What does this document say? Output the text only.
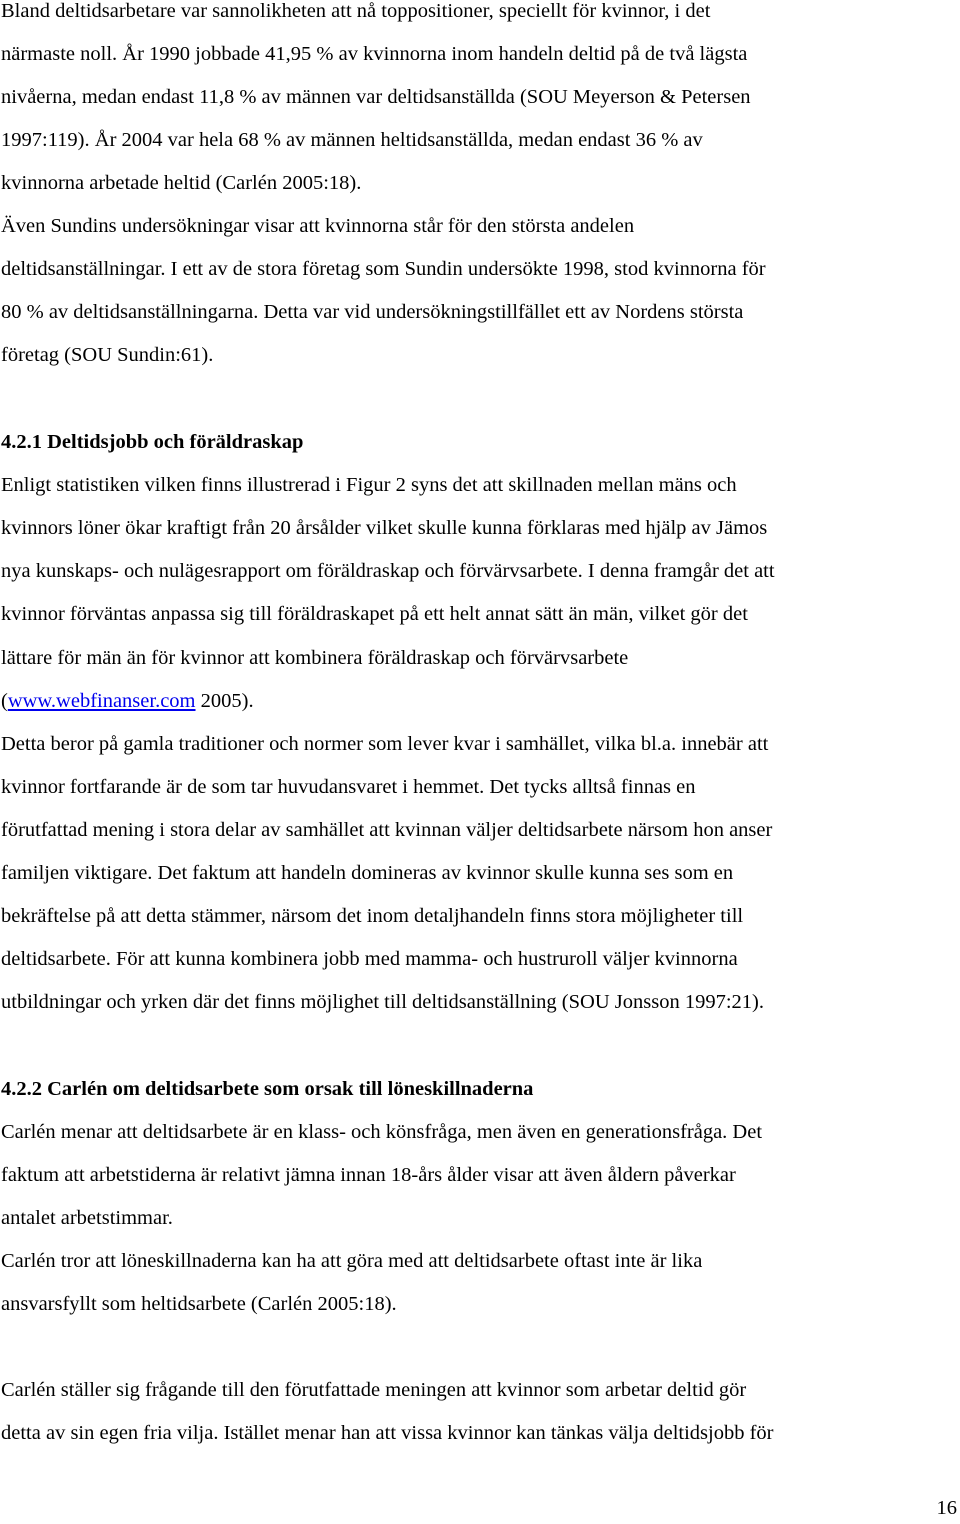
Bland deltidsarbetare var sannolikheten att nå toppositioner, speciellt för kvinnor, i det
närmaste noll. År 1990 jobbade 41,95 % av kvinnorna inom handeln deltid på de två lägsta
nivåerna, medan endast 11,8 % av männen var deltidsanställda (SOU Meyerson & Petersen
1997:119). År 2004 var hela 68 % av männen heltidsanställda, medan endast 36 % av
kvinnorna arbetade heltid (Carlén 2005:18).
Även Sundins undersökningar visar att kvinnorna står för den största andelen
deltidsanställningar. I ett av de stora företag som Sundin undersökte 1998, stod kvinnorna för
80 % av deltidsanställningarna. Detta var vid undersökningstillfället ett av Nordens största
företag (SOU Sundin:61).
4.2.1 Deltidsjobb och föräldraskap
Enligt statistiken vilken finns illustrerad i Figur 2 syns det att skillnaden mellan mäns och
kvinnors löner ökar kraftigt från 20 årsålder vilket skulle kunna förklaras med hjälp av Jämos
nya kunskaps- och nulägesrapport om föräldraskap och förvärvsarbete. I denna framgår det att
kvinnor förväntas anpassa sig till föräldraskapet på ett helt annat sätt än män, vilket gör det
lättare för män än för kvinnor att kombinera föräldraskap och förvärvsarbete
(www.webfinanser.com 2005).
Detta beror på gamla traditioner och normer som lever kvar i samhället, vilka bl.a. innebär att
kvinnor fortfarande är de som tar huvudansvaret i hemmet. Det tycks alltså finnas en
förutfattad mening i stora delar av samhället att kvinnan väljer deltidsarbete närsom hon anser
familjen viktigare. Det faktum att handeln domineras av kvinnor skulle kunna ses som en
bekräftelse på att detta stämmer, närsom det inom detaljhandeln finns stora möjligheter till
deltidsarbete. För att kunna kombinera jobb med mamma- och hustruroll väljer kvinnorna
utbildningar och yrken där det finns möjlighet till deltidsanställning (SOU Jonsson 1997:21).
4.2.2 Carlén om deltidsarbete som orsak till löneskillnaderna
Carlén menar att deltidsarbete är en klass- och könsfråga, men även en generationsfråga. Det
faktum att arbetstiderna är relativt jämna innan 18-års ålder visar att även åldern påverkar
antalet arbetstimmar.
Carlén tror att löneskillnaderna kan ha att göra med att deltidsarbete oftast inte är lika
ansvarsfyllt som heltidsarbete (Carlén 2005:18).
Carlén ställer sig frågande till den förutfattade meningen att kvinnor som arbetar deltid gör
detta av sin egen fria vilja. Istället menar han att vissa kvinnor kan tänkas välja deltidsjobb för
16
